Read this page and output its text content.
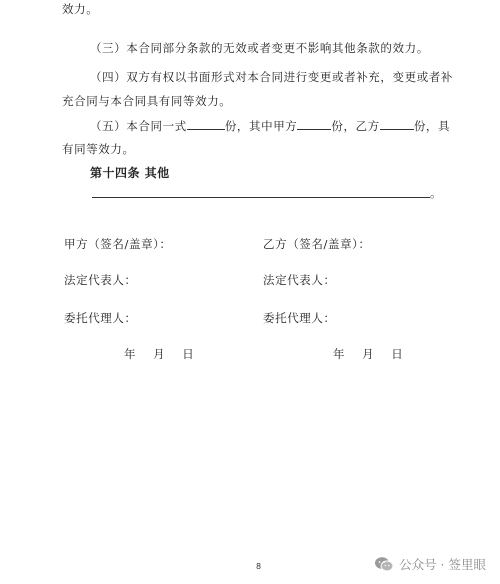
效力。
（三）本合同部分条款的无效或者变更不影响其他条款的效力。
（四）双方有权以书面形式对本合同进行变更或者补充，变更或者补
充合同与本合同具有同等效力。
（五）本合同一式	份，其中甲方	份，乙方	份，具
有同等效力。
第十四条 其他
。
甲方（签名/盖章）：	乙方（签名/盖章）：
法定代表人：	法定代表人：
委托代理人：	委托代理人：
年    月    日	年    月    日
8	公众号 · 签里眼
